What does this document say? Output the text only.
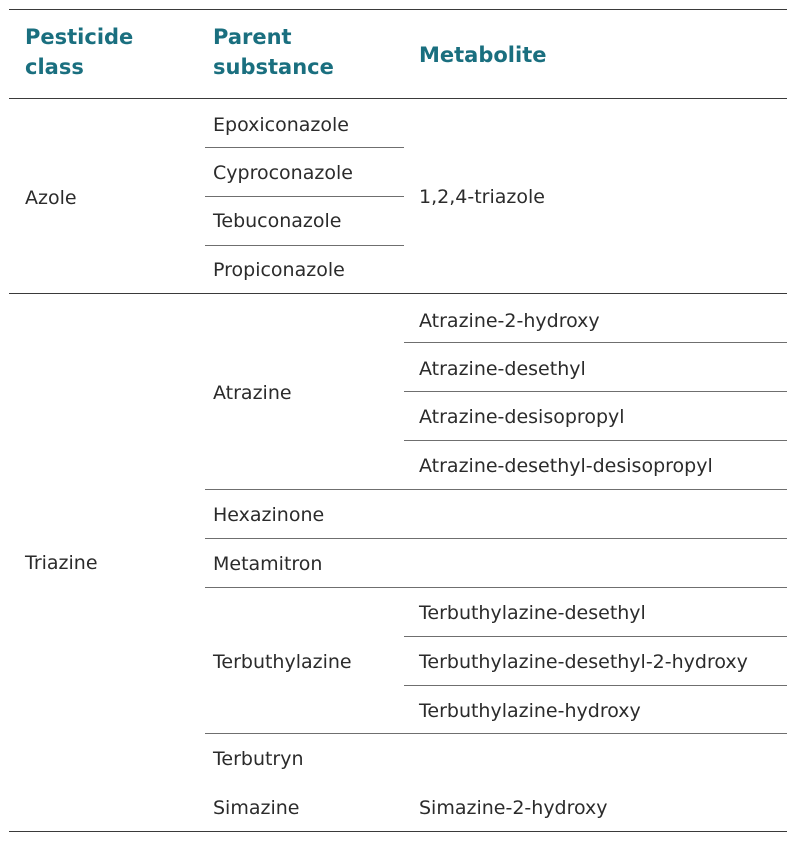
Pesticide
class
Parent
substance	Metabolite
Azole
Epoxiconazole
Cyproconazole
Tebuconazole
Propiconazole
1,2,4-triazole
Triazine
Atrazine
Atrazine-2-hydroxy
Atrazine-desethyl
Atrazine-desisopropyl
Atrazine-desethyl-desisopropyl
Hexazinone
Metamitron
Terbuthylazine
Terbuthylazine-desethyl
Terbuthylazine-desethyl-2-hydroxy
Terbuthylazine-hydroxy
Terbutryn
Simazine	Simazine-2-hydroxy
